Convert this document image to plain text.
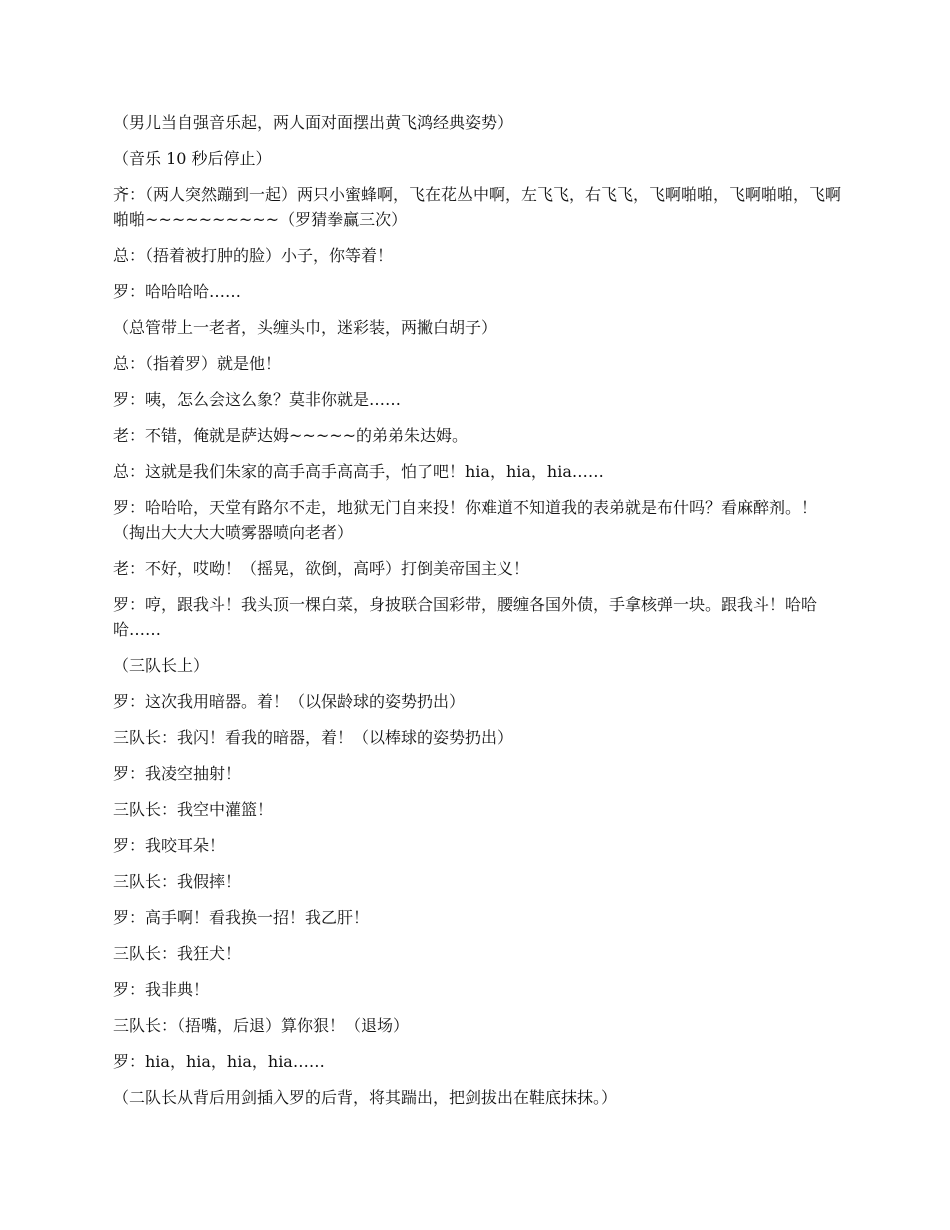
（男儿当自强音乐起，两人面对面摆出黄飞鸿经典姿势）

（音乐 10 秒后停止）

齐：（两人突然蹦到一起）两只小蜜蜂啊，飞在花丛中啊，左飞飞，右飞飞，飞啊啪啪，飞啊啪啪，飞啊啪啪~~~~~~~~~~（罗猜拳赢三次）

总：（捂着被打肿的脸）小子，你等着！

罗：哈哈哈哈……

（总管带上一老者，头缠头巾，迷彩装，两撇白胡子）

总：（指着罗）就是他！

罗：咦，怎么会这么象？莫非你就是……

老：不错，俺就是萨达姆~~~~~的弟弟朱达姆。

总：这就是我们朱家的高手高手高高手，怕了吧！hia，hia，hia……

罗：哈哈哈，天堂有路尔不走，地狱无门自来投！你难道不知道我的表弟就是布什吗？看麻醉剂。！（掏出大大大大喷雾器喷向老者）

老：不好，哎呦！（摇晃，欲倒，高呼）打倒美帝国主义！

罗：哼，跟我斗！我头顶一棵白菜，身披联合国彩带，腰缠各国外债，手拿核弹一块。跟我斗！哈哈哈……

（三队长上）

罗：这次我用暗器。着！（以保龄球的姿势扔出）

三队长：我闪！看我的暗器，着！（以棒球的姿势扔出）

罗：我凌空抽射！

三队长：我空中灌篮！

罗：我咬耳朵！

三队长：我假摔！

罗：高手啊！看我换一招！我乙肝！

三队长：我狂犬！

罗：我非典！

三队长：（捂嘴，后退）算你狠！（退场）

罗：hia，hia，hia，hia……

（二队长从背后用剑插入罗的后背，将其踹出，把剑拔出在鞋底抹抹。）
